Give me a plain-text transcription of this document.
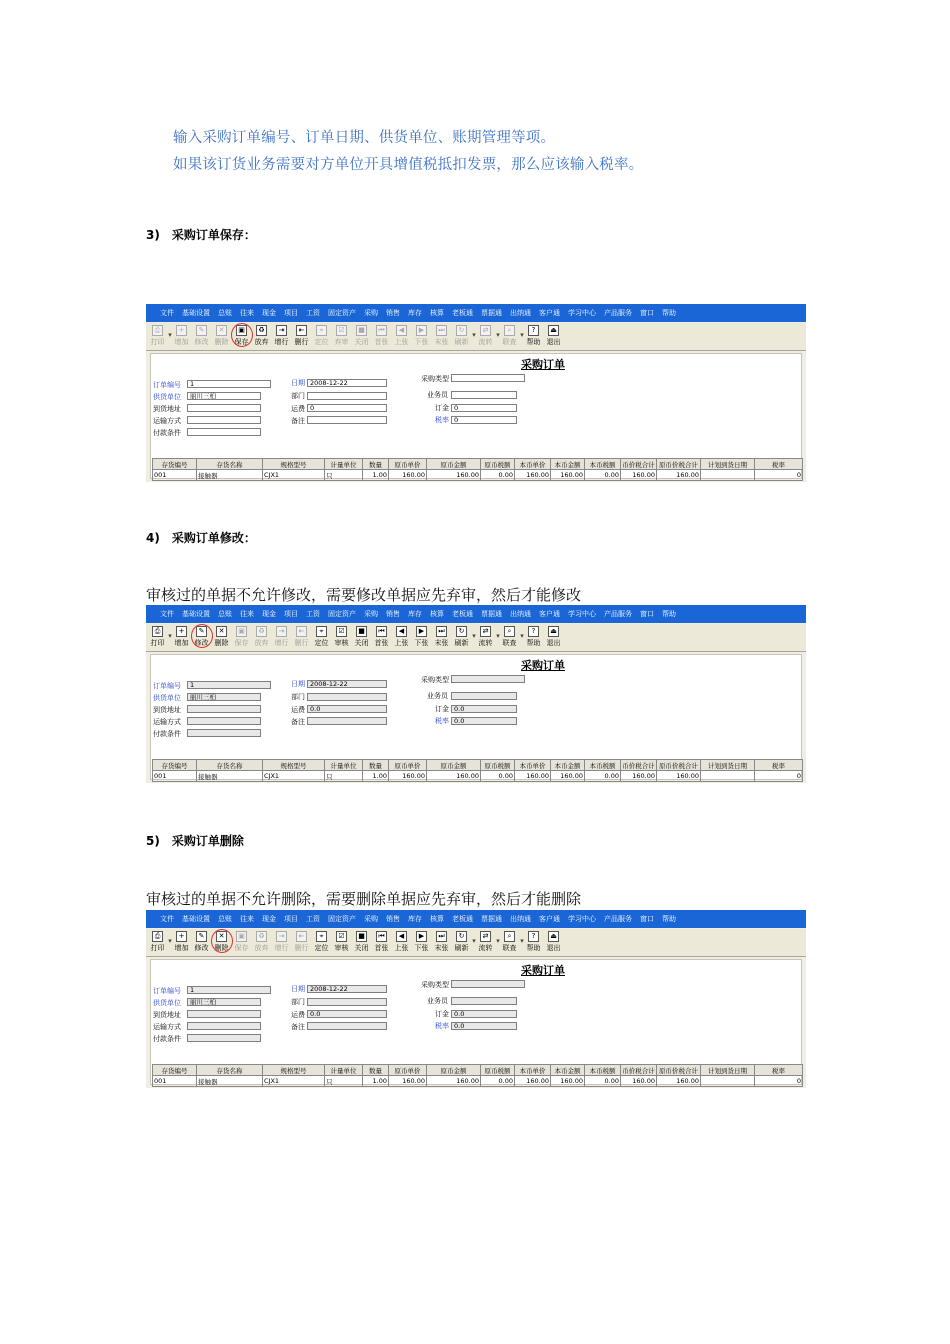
输入采购订单编号、订单日期、供货单位、账期管理等项。
如果该订货业务需要对方单位开具增值税抵扣发票，那么应该输入税率。
3)　采购订单保存：
4)　采购订单修改：
审核过的单据不允许修改，需要修改单据应先弃审，然后才能修改
5)　采购订单删除
审核过的单据不允许删除，需要删除单据应先弃审，然后才能删除
文件 基础设置 总账 往来 现金 项目 工资 固定资产 采购 销售 库存 核算 老板通 票据通 出纳通 客户通 学习中心 产品服务 窗口 帮助
⎙
打印
▾
+
增加
✎
修改
✕
删除
▣
保存
♻
放弃
⇥
增行
⇤
删行
⌖
定位
☑
弃审
■
关闭
⏮
首张
◀
上张
▶
下张
⏭
末张
↻
刷新
▾
⇄
流转
▾
⌕
联查
▾
?
帮助
⏏
退出
采购订单
订单编号	1
供货单位	丽川三柏
到货地址
运输方式
付款条件
日期 2008-12-22
部门
运费 0
备注
采购类型
业务员
订金 0
税率 0
存货编号	存货名称	规格型号	计量单位	数量	原币单价	原币金额	原币税额	本币单价	本币金额	本币税额	币价税合计	原币价税合计	计划到货日期	税率
001	接触器	CJX1	只	1.00	160.00	160.00	0.00	160.00	160.00	0.00	160.00	160.00		0
文件 基础设置 总账 往来 现金 项目 工资 固定资产 采购 销售 库存 核算 老板通 票据通 出纳通 客户通 学习中心 产品服务 窗口 帮助
⎙
打印
▾
+
增加
✎
修改
✕
删除
▣
保存
♻
放弃
⇥
增行
⇤
删行
⌖
定位
☑
审核
■
关闭
⏮
首张
◀
上张
▶
下张
⏭
末张
↻
刷新
▾
⇄
流转
▾
⌕
联查
▾
?
帮助
⏏
退出
采购订单
订单编号	1
供货单位	丽川三柏
到货地址
运输方式
付款条件
日期 2008-12-22
部门
运费 0.0
备注
采购类型
业务员
订金 0.0
税率 0.0
存货编号	存货名称	规格型号	计量单位	数量	原币单价	原币金额	原币税额	本币单价	本币金额	本币税额	币价税合计	原币价税合计	计划到货日期	税率
001	接触器	CJX1	只	1.00	160.00	160.00	0.00	160.00	160.00	0.00	160.00	160.00		0
文件 基础设置 总账 往来 现金 项目 工资 固定资产 采购 销售 库存 核算 老板通 票据通 出纳通 客户通 学习中心 产品服务 窗口 帮助
⎙
打印
▾
+
增加
✎
修改
✕
删除
▣
保存
♻
放弃
⇥
增行
⇤
删行
⌖
定位
☑
审核
■
关闭
⏮
首张
◀
上张
▶
下张
⏭
末张
↻
刷新
▾
⇄
流转
▾
⌕
联查
▾
?
帮助
⏏
退出
采购订单
订单编号	1
供货单位	丽川三柏
到货地址
运输方式
付款条件
日期 2008-12-22
部门
运费 0.0
备注
采购类型
业务员
订金 0.0
税率 0.0
存货编号	存货名称	规格型号	计量单位	数量	原币单价	原币金额	原币税额	本币单价	本币金额	本币税额	币价税合计	原币价税合计	计划到货日期	税率
001	接触器	CJX1	只	1.00	160.00	160.00	0.00	160.00	160.00	0.00	160.00	160.00		0
